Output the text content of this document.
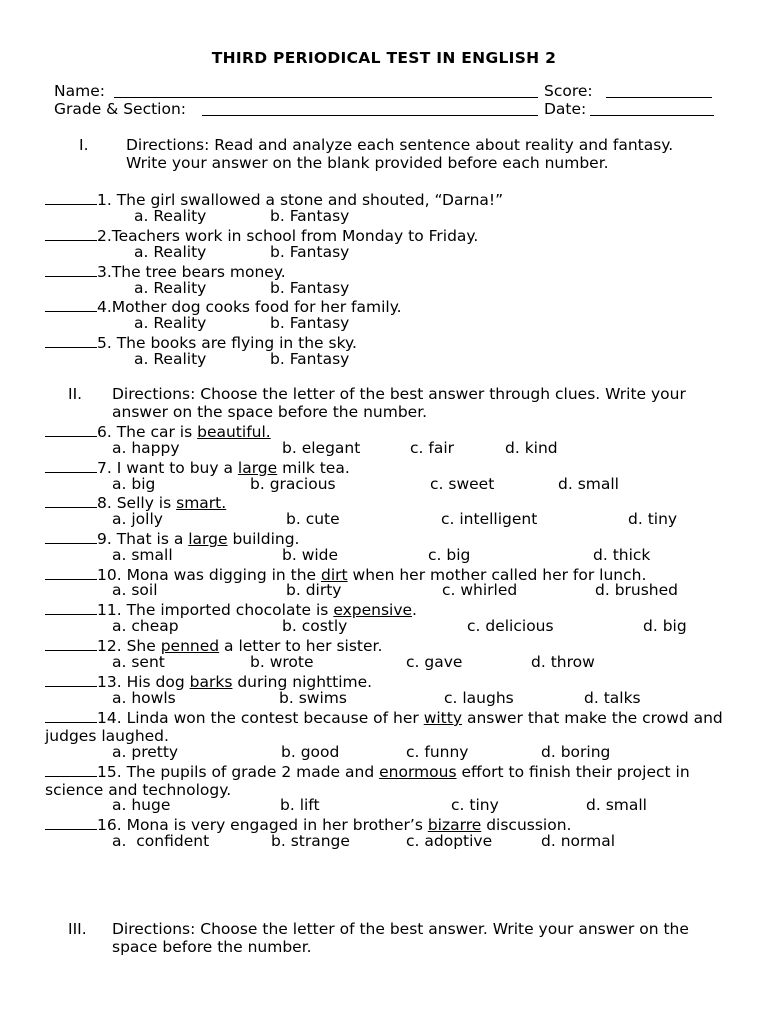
THIRD PERIODICAL TEST IN ENGLISH 2
Name:	Score:
Grade & Section:	Date:
I. Directions: Read and analyze each sentence about reality and fantasy. Write your answer on the blank provided before each number.
1. The girl swallowed a stone and shouted, “Darna!”
a. Reality	b. Fantasy
2.Teachers work in school from Monday to Friday.
a. Reality	b. Fantasy
3.The tree bears money.
a. Reality	b. Fantasy
4.Mother dog cooks food for her family.
a. Reality	b. Fantasy
5. The books are flying in the sky.
a. Reality	b. Fantasy
II. Directions: Choose the letter of the best answer through clues. Write your answer on the space before the number.
6. The car is beautiful.
a. happy	b. elegant	c. fair	d. kind
7. I want to buy a large milk tea.
a. big	b. gracious	c. sweet	d. small
8. Selly is smart.
a. jolly	b. cute	c. intelligent	d. tiny
9. That is a large building.
a. small	b. wide	c. big	d. thick
10. Mona was digging in the dirt when her mother called her for lunch.
a. soil	b. dirty	c. whirled	d. brushed
11. The imported chocolate is expensive.
a. cheap	b. costly	c. delicious	d. big
12. She penned a letter to her sister.
a. sent	b. wrote	c. gave	d. throw
13. His dog barks during nighttime.
a. howls	b. swims	c. laughs	d. talks
14. Linda won the contest because of her witty answer that make the crowd and judges laughed.
a. pretty	b. good	c. funny	d. boring
15. The pupils of grade 2 made and enormous effort to finish their project in science and technology.
a. huge	b. lift	c. tiny	d. small
16. Mona is very engaged in her brother’s bizarre discussion.
a.  confident	b. strange	c. adoptive	d. normal
III. Directions: Choose the letter of the best answer. Write your answer on the space before the number.
